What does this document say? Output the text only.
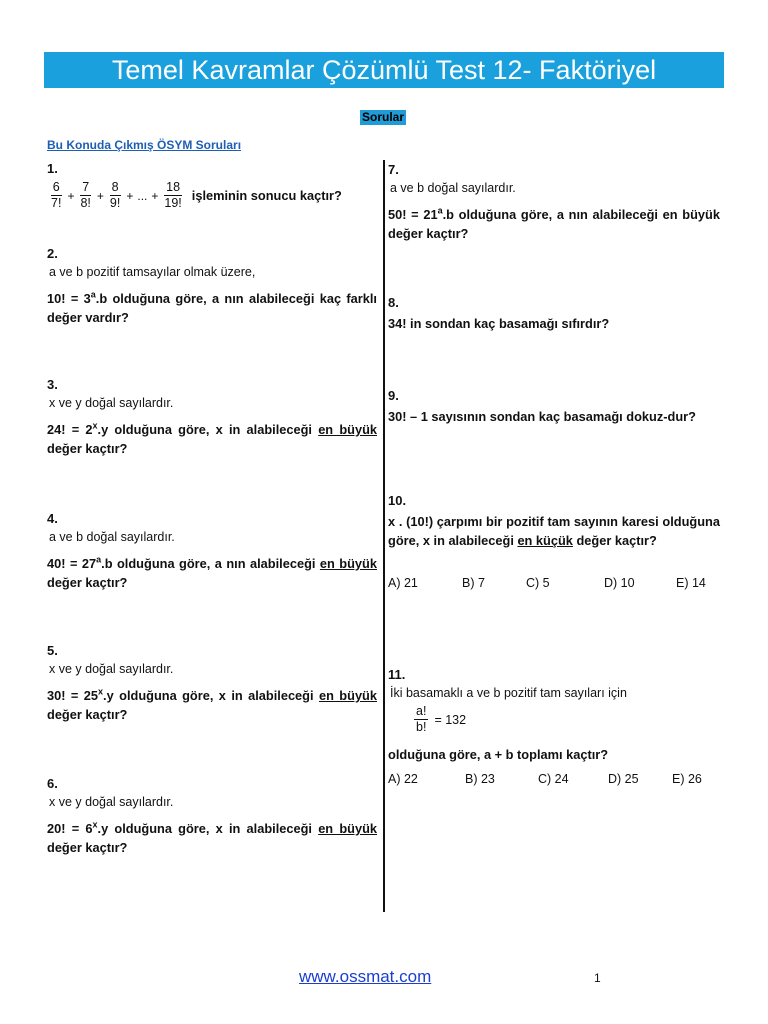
Temel Kavramlar Çözümlü Test 12- Faktöriyel
Sorular
Bu Konuda Çıkmış ÖSYM Soruları
1.
$\frac{6}{7!} + \frac{7}{8!} + \frac{8}{9!}$ + ... + $\frac{18}{19!}$ işleminin sonucu kaçtır?
2.
a ve b pozitif tamsayılar olmak üzere,
10! = $3^a.b$ olduğuna göre, a nın alabileceği kaç farklı değer vardır?
3.
x ve y doğal sayılardır.
24! = $2^x.y$ olduğuna göre, x in alabileceği en büyük değer kaçtır?
4.
a ve b doğal sayılardır.
40! = $27^a.b$ olduğuna göre, a nın alabileceği en büyük değer kaçtır?
5.
x ve y doğal sayılardır.
30! = $25^x.y$ olduğuna göre, x in alabileceği en büyük değer kaçtır?
6.
x ve y doğal sayılardır.
20! = $6^x.y$ olduğuna göre, x in alabileceği en büyük değer kaçtır?
7.
a ve b doğal sayılardır.
50! = $21^a.b$ olduğuna göre, a nın alabileceği en büyük değer kaçtır?
8.
34! in sondan kaç basamağı sıfırdır?
9.
30! – 1 sayısının sondan kaç basamağı dokuz-dur?
10.
x . (10!) çarpımı bir pozitif tam sayının karesi olduğuna göre, x in alabileceği en küçük değer kaçtır?
A) 21	B) 7	C) 5	D) 10	E) 14
11.
İki basamaklı a ve b pozitif tam sayıları için
$\frac{a!}{b!} = 132$
olduğuna göre, a + b toplamı kaçtır?
A) 22	B) 23	C) 24	D) 25	E) 26
www.ossmat.com	1
